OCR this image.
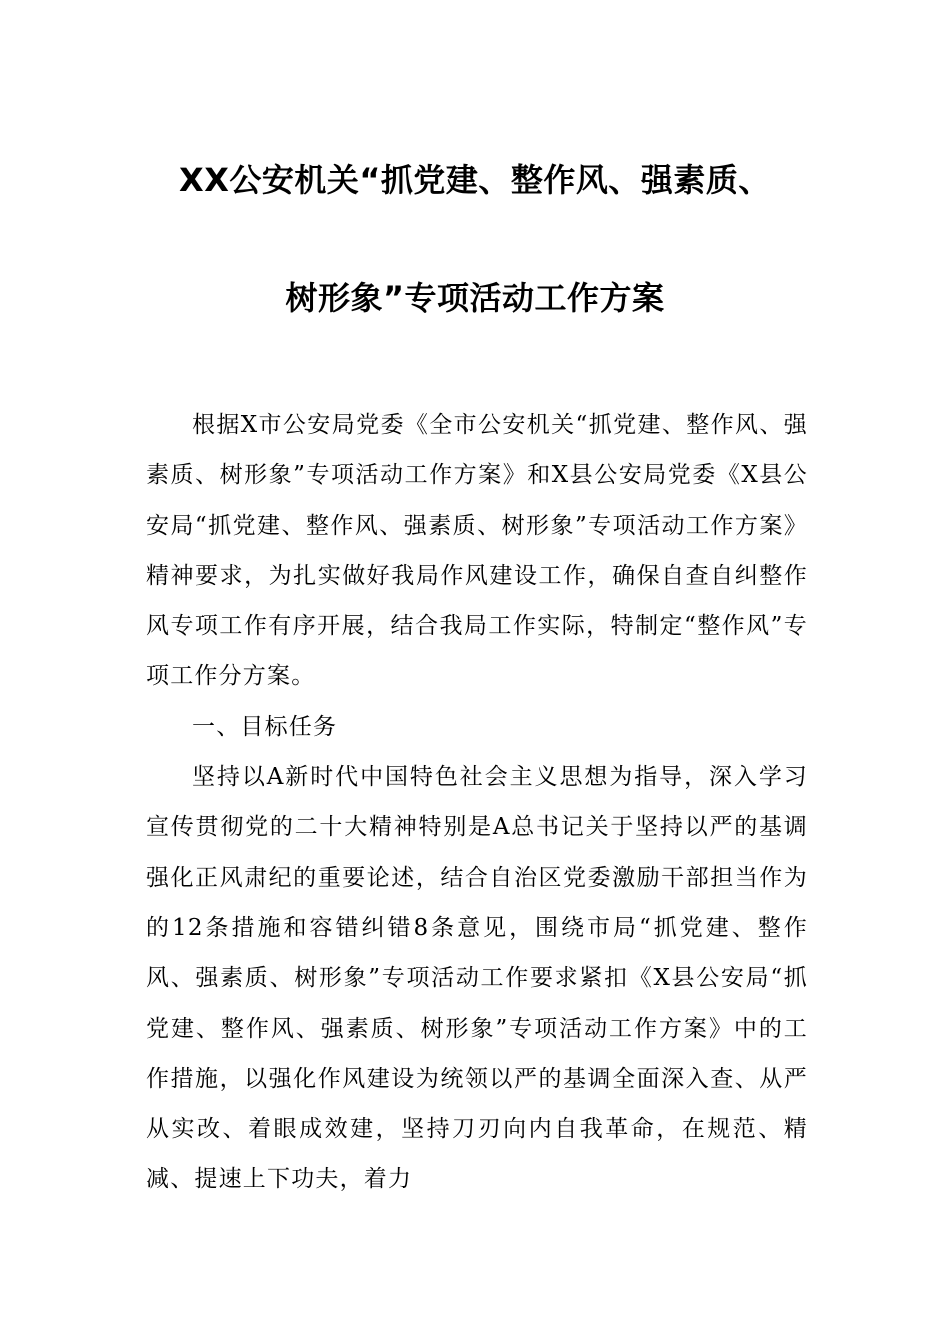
XX公安机关“抓党建、整作风、强素质、
树形象”专项活动工作方案

根据X市公安局党委《全市公安机关“抓党建、整作风、强素质、树形象”专项活动工作方案》和X县公安局党委《X县公安局“抓党建、整作风、强素质、树形象”专项活动工作方案》精神要求，为扎实做好我局作风建设工作，确保自查自纠整作风专项工作有序开展，结合我局工作实际，特制定“整作风”专项工作分方案。

一、目标任务

坚持以A新时代中国特色社会主义思想为指导，深入学习宣传贯彻党的二十大精神特别是A总书记关于坚持以严的基调强化正风肃纪的重要论述，结合自治区党委激励干部担当作为的12条措施和容错纠错8条意见，围绕市局“抓党建、整作风、强素质、树形象”专项活动工作要求紧扣《X县公安局“抓党建、整作风、强素质、树形象”专项活动工作方案》中的工作措施，以强化作风建设为统领以严的基调全面深入查、从严从实改、着眼成效建，坚持刀刃向内自我革命，在规范、精减、提速上下功夫，着力
